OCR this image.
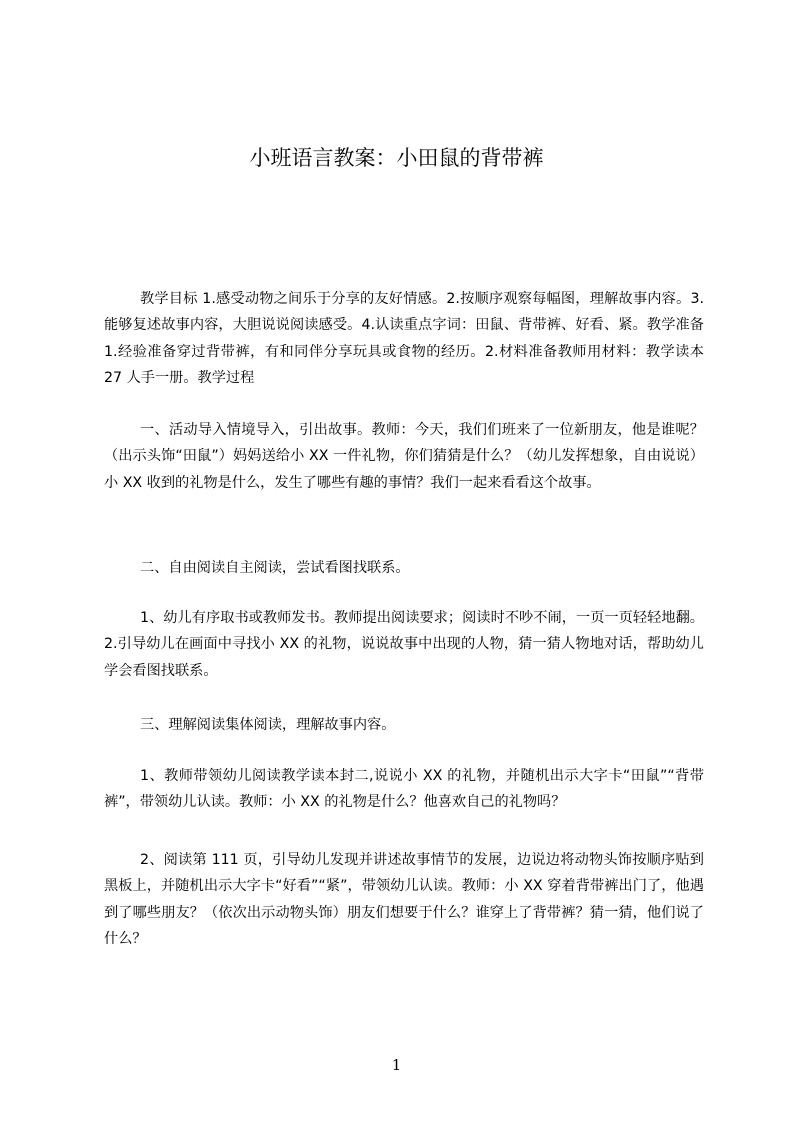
小班语言教案：小田鼠的背带裤

教学目标 1.感受动物之间乐于分享的友好情感。2.按顺序观察每幅图，理解故事内容。3.能够复述故事内容，大胆说说阅读感受。4.认读重点字词：田鼠、背带裤、好看、紧。教学准备 1.经验准备穿过背带裤，有和同伴分享玩具或食物的经历。2.材料准备教师用材料：教学读本 27 人手一册。教学过程

一、活动导入情境导入，引出故事。教师：今天，我们们班来了一位新朋友，他是谁呢？（出示头饰“田鼠”）妈妈送给小 XX 一件礼物，你们猜猜是什么？（幼儿发挥想象，自由说说）小 XX 收到的礼物是什么，发生了哪些有趣的事情？我们一起来看看这个故事。

二、自由阅读自主阅读，尝试看图找联系。

1、幼儿有序取书或教师发书。教师提出阅读要求；阅读时不吵不闹，一页一页轻轻地翻。2.引导幼儿在画面中寻找小 XX 的礼物，说说故事中出现的人物，猜一猜人物地对话，帮助幼儿学会看图找联系。

三、理解阅读集体阅读，理解故事内容。

1、教师带领幼儿阅读教学读本封二,说说小 XX 的礼物，并随机出示大字卡“田鼠”“背带裤”，带领幼儿认读。教师：小 XX 的礼物是什么？他喜欢自己的礼物吗？

2、阅读第 111 页，引导幼儿发现并讲述故事情节的发展，边说边将动物头饰按顺序贴到黑板上，并随机出示大字卡“好看”“紧”，带领幼儿认读。教师：小 XX 穿着背带裤出门了，他遇到了哪些朋友？（依次出示动物头饰）朋友们想要于什么？谁穿上了背带裤？猜一猜，他们说了什么？

1
